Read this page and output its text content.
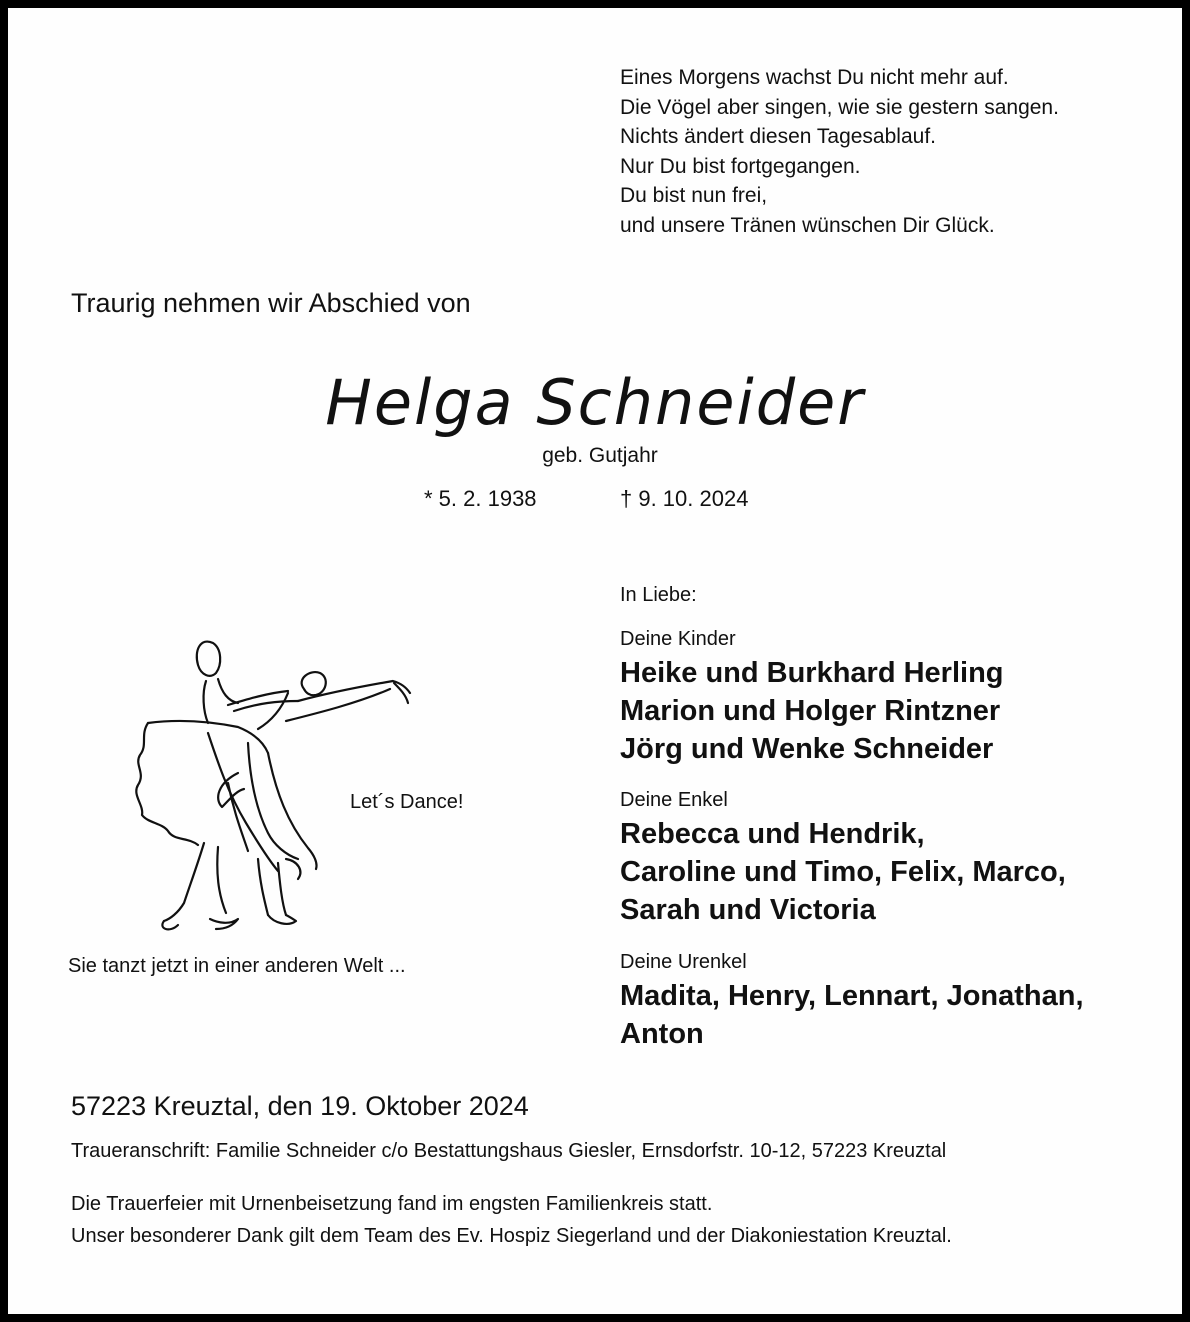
Eines Morgens wachst Du nicht mehr auf.
Die Vögel aber singen, wie sie gestern sangen.
Nichts ändert diesen Tagesablauf.
Nur Du bist fortgegangen.
Du bist nun frei,
und unsere Tränen wünschen Dir Glück.
Traurig nehmen wir Abschied von
Helga Schneider
geb. Gutjahr
* 5. 2. 1938	† 9. 10. 2024
Let´s Dance!
Sie tanzt jetzt in einer anderen Welt ...
In Liebe:
Deine Kinder
Heike und Burkhard Herling
Marion und Holger Rintzner
Jörg und Wenke Schneider
Deine Enkel
Rebecca und Hendrik,
Caroline und Timo, Felix, Marco,
Sarah und Victoria
Deine Urenkel
Madita, Henry, Lennart, Jonathan,
Anton
57223 Kreuztal, den 19. Oktober 2024
Traueranschrift: Familie Schneider c/o Bestattungshaus Giesler, Ernsdorfstr. 10-12, 57223 Kreuztal
Die Trauerfeier mit Urnenbeisetzung fand im engsten Familienkreis statt.
Unser besonderer Dank gilt dem Team des Ev. Hospiz Siegerland und der Diakoniestation Kreuztal.
